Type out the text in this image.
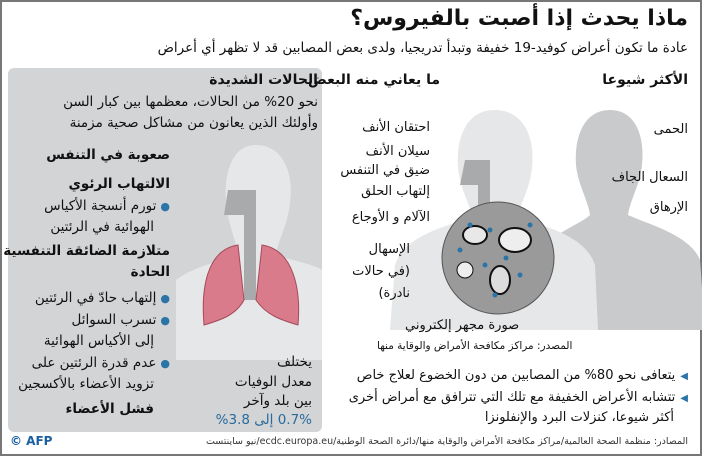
ماذا يحدث إذا أصبت بالفيروس؟
عادة ما تكون أعراض كوفيد-19 خفيفة وتبدأ تدريجيا، ولدى بعض المصابين قد لا تظهر أي أعراض
الحالات الشديدة
نحو 20% من الحالات، معظمها بين كبار السن
وأولئك الذين يعانون من مشاكل صحية مزمنة
صعوبة في التنفس
الالتهاب الرئوي
●تورم أنسجة الأكياس
الهوائية في الرئتين
متلازمة الضائقة التنفسية
الحادة
●إلتهاب حادّ في الرئتين
●تسرب السوائل
إلى الأكياس الهوائية
●عدم قدرة الرئتين على
تزويد الأعضاء بالأكسجين
فشل الأعضاء
يختلف
معدل الوفيات
بين بلد وآخر
0.7% إلى 3.8%
ما يعاني منه البعض
احتقان الأنف
سيلان الأنف
ضيق في التنفس
إلتهاب الحلق
الآلام و الأوجاع
الإسهال
(في حالات
نادرة)
الأكثر شيوعا
الحمى
السعال الجاف
الإرهاق
صورة مجهر إلكتروني
المصدر: مراكز مكافحة الأمراض والوقاية منها
◀يتعافى نحو 80% من المصابين من دون الخضوع لعلاج خاص
◀تتشابه الأعراض الخفيفة مع تلك التي تترافق مع أمراض أخرى
أكثر شيوعا، كنزلات البرد والإنفلونزا
المصادر: منظمة الصحة العالمية/مراكز مكافحة الأمراض والوقاية منها/دائرة الصحة الوطنية/ecdc.europa.eu/نيو ساينتست
© AFP
